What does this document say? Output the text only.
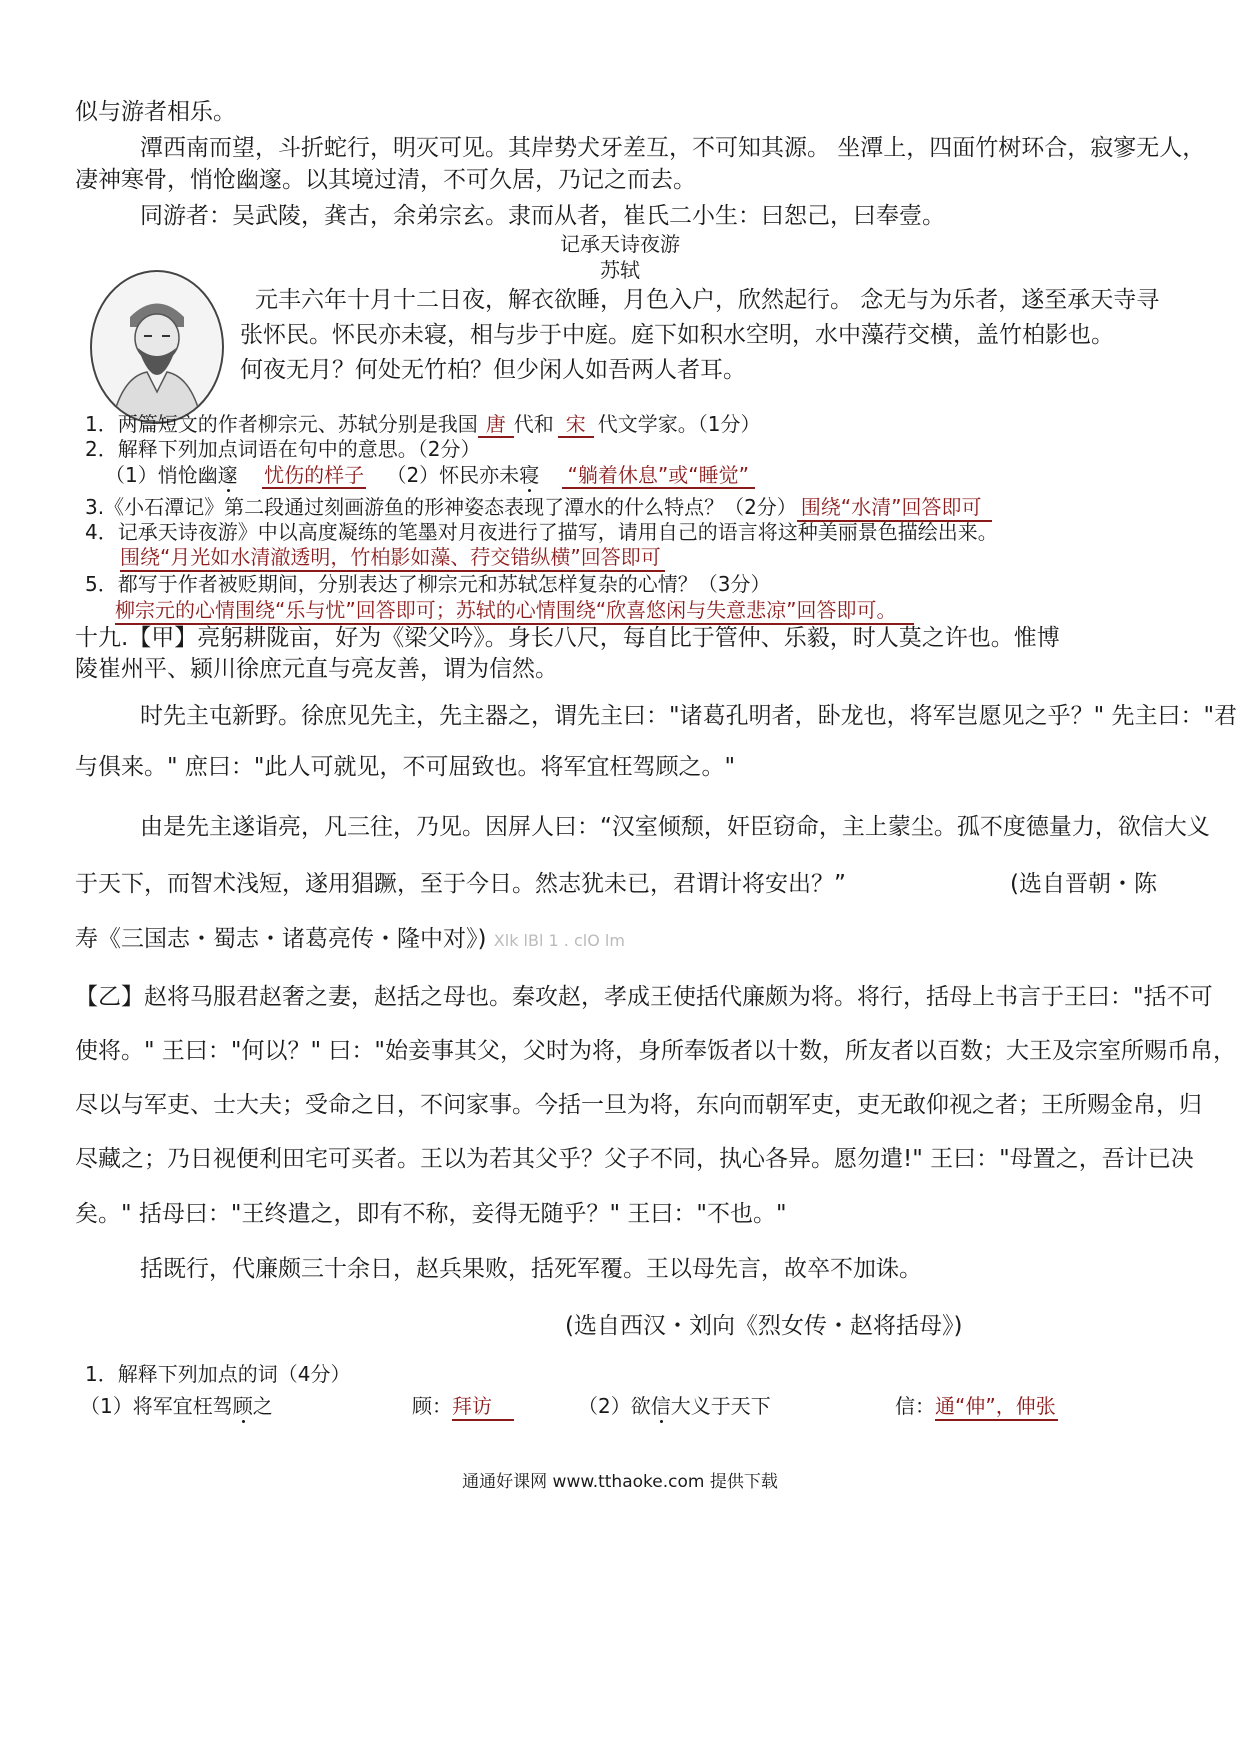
似与游者相乐。
潭西南而望，斗折蛇行，明灭可见。其岸势犬牙差互，不可知其源。 坐潭上，四面竹树环合，寂寥无人，
凄神寒骨，悄怆幽邃。以其境过清，不可久居，乃记之而去。
同游者：吴武陵，龚古，余弟宗玄。隶而从者，崔氏二小生：曰恕己，曰奉壹。
记承天诗夜游
苏轼
元丰六年十月十二日夜，解衣欲睡，月色入户，欣然起行。 念无与为乐者，遂至承天寺寻
张怀民。怀民亦未寝，相与步于中庭。庭下如积水空明，水中藻荇交横，盖竹柏影也。
何夜无月？何处无竹柏？但少闲人如吾两人者耳。
1．两篇短文的作者柳宗元、苏轼分别是我国 唐 代和 宋 代文学家。（1分）
2．解释下列加点词语在句中的意思。（2分）
（1）悄怆幽邃 忧伤的样子 （2）怀民亦未寝 “躺着休息”或“睡觉”
3.《小石潭记》第二段通过刻画游鱼的形神姿态表现了潭水的什么特点？（2分） 围绕“水清”回答即可
4．记承天诗夜游》中以高度凝练的笔墨对月夜进行了描写，请用自己的语言将这种美丽景色描绘出来。
围绕“月光如水清澈透明，竹柏影如藻、荇交错纵横”回答即可
5．都写于作者被贬期间，分别表达了柳宗元和苏轼怎样复杂的心情？（3分）
柳宗元的心情围绕“乐与忧”回答即可；苏轼的心情围绕“欣喜悠闲与失意悲凉”回答即可。
十九.【甲】亮躬耕陇亩，好为《梁父吟》。身长八尺，每自比于管仲、乐毅，时人莫之许也。惟博
陵崔州平、颍川徐庶元直与亮友善，谓为信然。
时先主屯新野。徐庶见先主，先主器之，谓先主曰："诸葛孔明者，卧龙也，将军岂愿见之乎？" 先主曰："君
与俱来。" 庶曰："此人可就见，不可屈致也。将军宜枉驾顾之。"
由是先主遂诣亮，凡三往，乃见。因屏人曰：“汉室倾颓，奸臣窃命，主上蒙尘。孤不度德量力，欲信大义
于天下，而智术浅短，遂用猖蹶，至于今日。然志犹未已，君谓计将安出？”	(选自晋朝・陈
寿《三国志・蜀志・诸葛亮传・隆中对》) Xlk lBl 1 . clO lm
【乙】赵将马服君赵奢之妻，赵括之母也。秦攻赵，孝成王使括代廉颇为将。将行，括母上书言于王曰："括不可
使将。" 王曰："何以？" 曰："始妾事其父，父时为将，身所奉饭者以十数，所友者以百数；大王及宗室所赐币帛，
尽以与军吏、士大夫；受命之日，不问家事。今括一旦为将，东向而朝军吏，吏无敢仰视之者；王所赐金帛，归
尽藏之；乃日视便利田宅可买者。王以为若其父乎？父子不同，执心各异。愿勿遣!" 王曰："母置之，吾计已决
矣。" 括母曰："王终遣之，即有不称，妾得无随乎？" 王曰："不也。"
括既行，代廉颇三十余日，赵兵果败，括死军覆。王以母先言，故卒不加诛。
(选自西汉・刘向《烈女传・赵将括母》)
1．解释下列加点的词（4分）
（1）将军宜枉驾顾之	顾：拜访	（2）欲信大义于天下	信：通“伸”，伸张
通通好课网 www.tthaoke.com 提供下载
